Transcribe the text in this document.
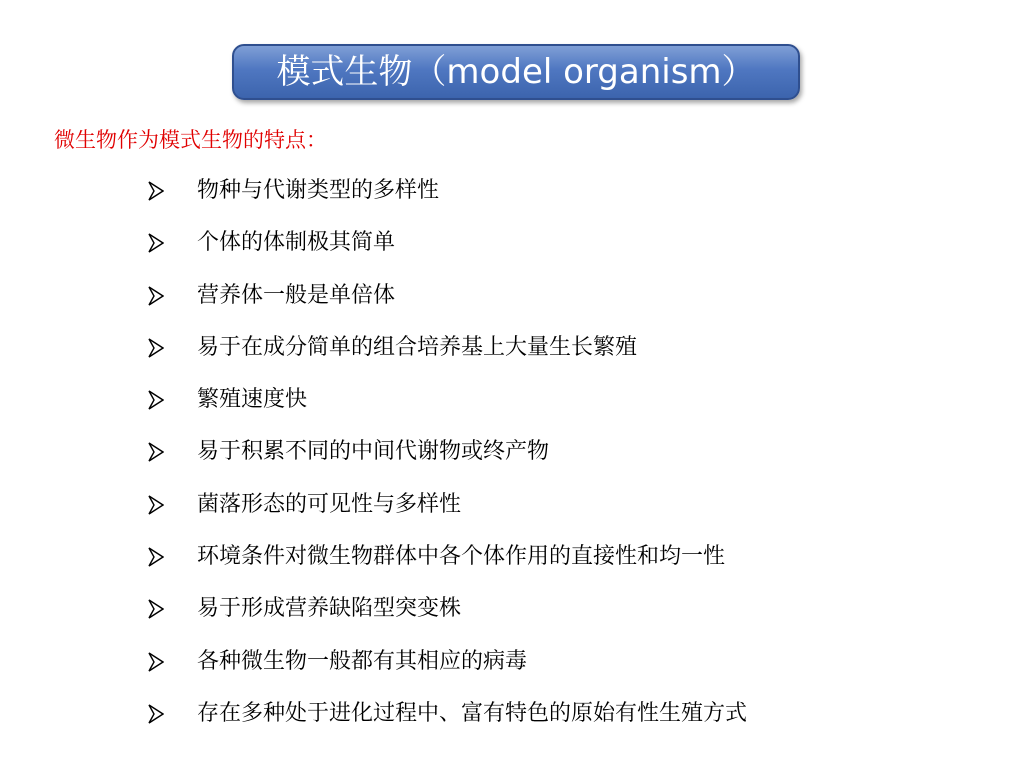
模式生物（model organism）
微生物作为模式生物的特点：
物种与代谢类型的多样性
个体的体制极其简单
营养体一般是单倍体
易于在成分简单的组合培养基上大量生长繁殖
繁殖速度快
易于积累不同的中间代谢物或终产物
菌落形态的可见性与多样性
环境条件对微生物群体中各个体作用的直接性和均一性
易于形成营养缺陷型突变株
各种微生物一般都有其相应的病毒
存在多种处于进化过程中、富有特色的原始有性生殖方式
